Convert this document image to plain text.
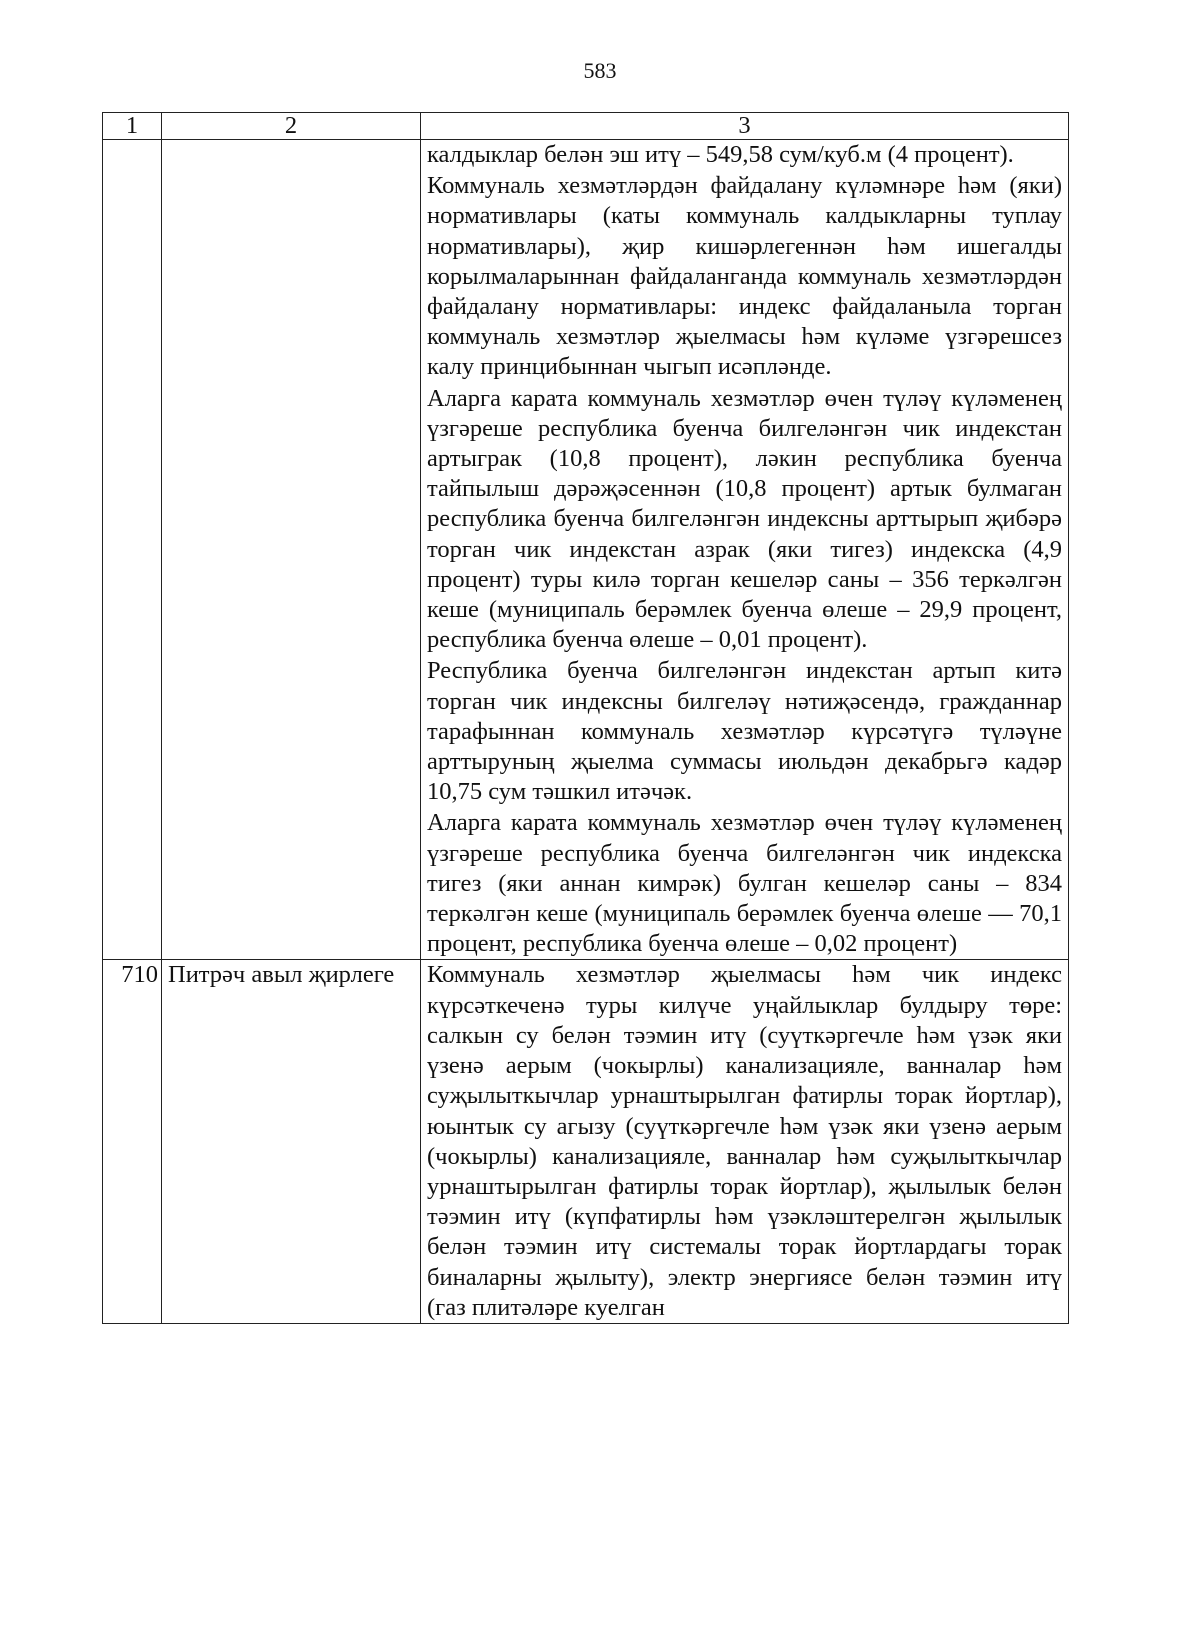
583
1	2	3

		калдыклар белән эш итү – 549,58 сум/куб.м (4 процент).

Коммуналь хезмәтләрдән файдалану күләмнәре һәм (яки) нормативлары (каты коммуналь калдыкларны туплау нормативлары), җир кишәрлегеннән һәм ишегалды корылмаларыннан файдаланганда коммуналь хезмәтләрдән файдалану нормативлары: индекс файдаланыла торган коммуналь хезмәтләр җыелмасы һәм күләме үзгәрешсез калу принцибыннан чыгып исәпләнде.

Аларга карата коммуналь хезмәтләр өчен түләү күләменең үзгәреше республика буенча билгеләнгән чик индекстан артыграк (10,8 процент), ләкин республика буенча тайпылыш дәрәҗәсеннән (10,8 процент) артык булмаган республика буенча билгеләнгән индексны арттырып җибәрә торган чик индекстан азрак (яки тигез) индекска (4,9 процент) туры килә торган кешеләр саны – 356 теркәлгән кеше (муниципаль берәмлек буенча өлеше – 29,9 процент, республика буенча өлеше – 0,01 процент).

Республика буенча билгеләнгән индекстан артып китә торган чик индексны билгеләү нәтиҗәсендә, гражданнар тарафыннан коммуналь хезмәтләр күрсәтүгә түләүне арттыруның җыелма суммасы июльдән декабрьгә кадәр 10,75 сум тәшкил итәчәк.

Аларга карата коммуналь хезмәтләр өчен түләү күләменең үзгәреше республика буенча билгеләнгән чик индекска тигез (яки аннан кимрәк) булган кешеләр саны – 834 теркәлгән кеше (муниципаль берәмлек буенча өлеше — 70,1 процент, республика буенча өлеше – 0,02 процент)

710	Питрәч авыл җирлеге	Коммуналь хезмәтләр җыелмасы һәм чик индекс күрсәткеченә туры килүче уңайлыклар булдыру төре: салкын су белән тәэмин итү (суүткәргечле һәм үзәк яки үзенә аерым (чокырлы) канализацияле, ванналар һәм суҗылыткычлар урнаштырылган фатирлы торак йортлар), юынтык су агызу (суүткәргечле һәм үзәк яки үзенә аерым (чокырлы) канализацияле, ванналар һәм суҗылыткычлар урнаштырылган фатирлы торак йортлар), җылылык белән тәэмин итү (күпфатирлы һәм үзәкләштерелгән җылылык белән тәэмин итү системалы торак йортлардагы торак биналарны җылыту), электр энергиясе белән тәэмин итү (газ плитәләре куелган
